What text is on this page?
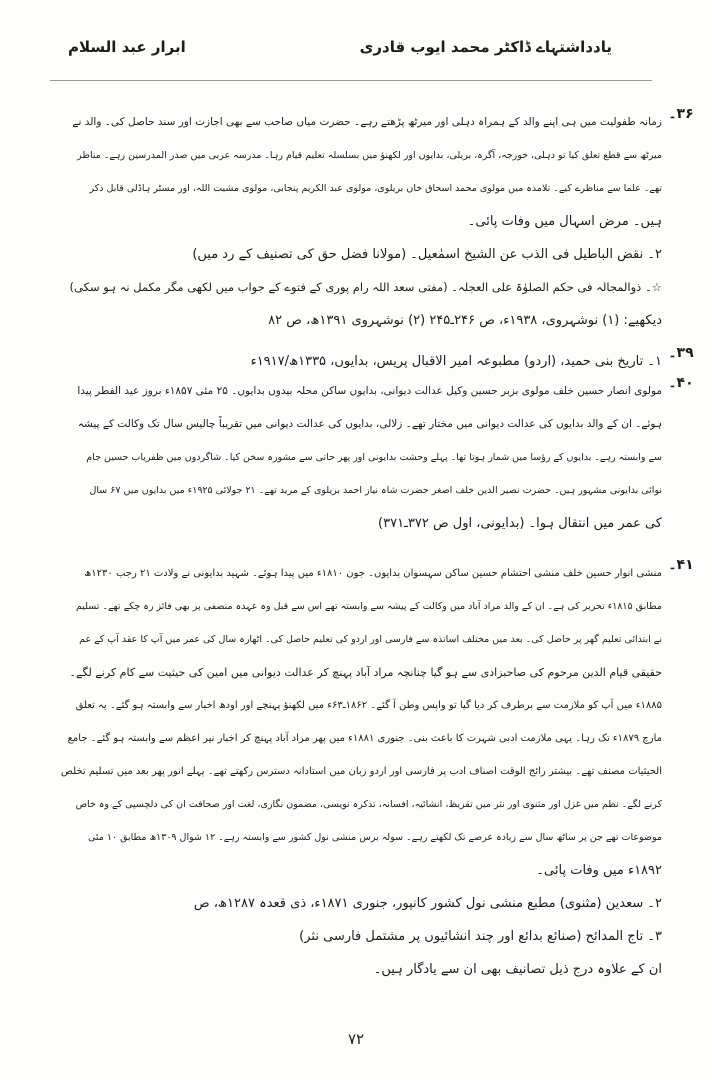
یادداشتہاے ڈاکٹر محمد ایوب قادری
ابرار عبد السلام
۳۶۔
زمانہ طفولیت میں ہی اپنے والد کے ہمراہ دہلی اور میرٹھ پڑھتے رہے۔ حضرت میاں صاحب سے بھی اجازت اور سند حاصل کی۔ والد نے
میرٹھ سے قطع تعلق کیا تو دہلی، خورجہ، آگرہ، بریلی، بدایوں اور لکھنؤ میں بسلسلہ تعلیم قیام رہا۔ مدرسہ عربی میں صدر المدرسین رہے۔ مناظر
تھے۔ علما سے مناظرے کیے۔ تلامذہ میں مولوی محمد اسحاق خاں بریلوی، مولوی عبد الکریم پنجابی، مولوی مشیت اللہ، اور مسٹر ہاڈلی قابل ذکر
ہیں۔ مرض اسہال میں وفات پائی۔
۲۔ نقض الباطیل فی الذب عن الشیخ اسمٰعیل۔ (مولانا فضل حق کی تصنیف کے رد میں)
☆۔ ذوالمجالہ فی حکم الصلوٰۃ علی العجلہ۔ (مفتی سعد اللہ رام پوری کے فتوے کے جواب میں لکھی مگر مکمل نہ ہو سکی)
دیکھیے: (۱) نوشہروی، ۱۹۳۸ء، ص ۲۴۶ـ۲۴۵ (۲) نوشہروی ۱۳۹۱ھ، ص ۸۲
۳۹۔
۱۔ تاریخ بنی حمید، (اردو) مطبوعہ امیر الاقبال پریس، بدایوں، ۱۳۳۵ھ/۱۹۱۷ء
۴۰۔
مولوی انصار حسین خلف مولوی بزبر حسین وکیل عدالت دیوانی، بدایوں ساکن محلہ بیدوں بدایوں۔ ۲۵ مئی ۱۸۵۷ء بروز عید الفطر پیدا
ہوئے۔ ان کے والد بدایوں کی عدالت دیوانی میں مختار تھے۔ زلالی، بدایوں کی عدالت دیوانی میں تقریباً چالیس سال تک وکالت کے پیشہ
سے وابستہ رہے۔ بدایوں کے رؤسا میں شمار ہوتا تھا۔ پہلے وحشت بدایونی اور پھر حاتی سے مشورہ سخن کیا۔ شاگردوں میں ظفریاب حسین جام
نوائی بدایونی مشہور ہیں۔ حضرت نصیر الدین خلف اصغر حضرت شاہ نیاز احمد بریلوی کے مرید تھے۔ ۲۱ جولائی ۱۹۲۵ء میں بدایوں میں ۶۷ سال
کی عمر میں انتقال ہوا۔ (بدایونی، اول ص ۳۷۲ـ۳۷۱)
۴۱۔
منشی انوار حسین خلف منشی احتشام حسین ساکن سہسوان بدایوں۔ جون ۱۸۱۰ء میں پیدا ہوئے۔ شہید بدایونی نے ولادت ۲۱ رجب ۱۲۳۰ھ
مطابق ۱۸۱۵ء تحریر کی ہے۔ ان کے والد مراد آباد میں وکالت کے پیشہ سے وابستہ تھے اس سے قبل وہ عہدہ منصفی پر بھی فائز رہ چکے تھے۔ تسلیم
نے ابتدائی تعلیم گھر پر حاصل کی۔ بعد میں مختلف اساتذہ سے فارسی اور اردو کی تعلیم حاصل کی۔ اٹھارہ سال کی عمر میں آپ کا عقد آپ کے عم
حقیقی قیام الدین مرحوم کی صاحبزادی سے ہو گیا چنانچہ مراد آباد پہنچ کر عدالت دیوانی میں امین کی حیثیت سے کام کرنے لگے۔
۱۸۸۵ء میں آپ کو ملازمت سے برطرف کر دیا گیا تو واپس وطن آ گئے۔ ۱۸۶۲ـ۶۳ء میں لکھنؤ پہنچے اور اودھ اخبار سے وابستہ ہو گئے۔ یہ تعلق
مارچ ۱۸۷۹ء تک رہا۔ یہی ملازمت ادبی شہرت کا باعث بنی۔ جنوری ۱۸۸۱ء میں پھر مراد آباد پہنچ کر اخبار نیر اعظم سے وابستہ ہو گئے۔ جامع
الحیثیات مصنف تھے۔ بیشتر رائج الوقت اصناف ادب پر فارسی اور اردو زبان میں استادانہ دسترس رکھتے تھے۔ پہلے انور پھر بعد میں تسلیم تخلص
کرنے لگے۔ نظم میں غزل اور مثنوی اور نثر میں تقریظ، انشائیہ، افسانہ، تذکرہ نویسی، مضمون نگاری، لغت اور صحافت ان کی دلچسپی کے وہ خاص
موضوعات تھے جن پر ساٹھ سال سے زیادہ عرصے تک لکھتے رہے۔ سولہ برس منشی نول کشور سے وابستہ رہے۔ ۱۲ شوال ۱۳۰۹ھ مطابق ۱۰ مئی
۱۸۹۲ء میں وفات پائی۔
۲۔ سعدین (مثنوی) مطبع منشی نول کشور کانپور، جنوری ۱۸۷۱ء، ذی قعدہ ۱۲۸۷ھ، ص
۳۔ تاج المدائح (صنائع بدائع اور چند انشائیوں پر مشتمل فارسی نثر)
ان کے علاوہ درج ذیل تصانیف بھی ان سے یادگار ہیں۔
۷۲
